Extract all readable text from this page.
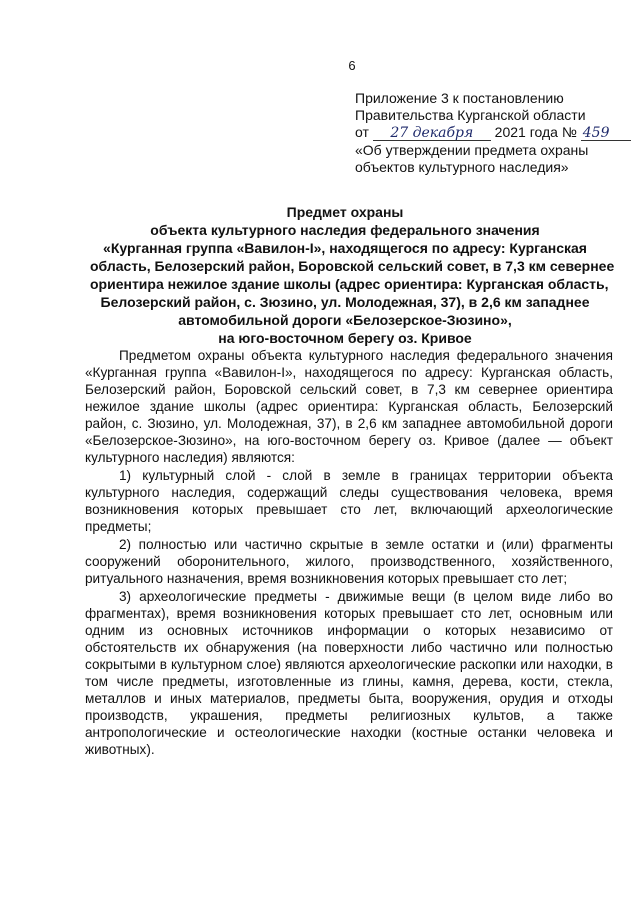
6
Приложение 3 к постановлению
Правительства Курганской области
от 27 декабря 2021 года № 459
«Об утверждении предмета охраны
объектов культурного наследия»
Предмет охраны
объекта культурного наследия федерального значения
«Курганная группа «Вавилон-I», находящегося по адресу: Курганская
область, Белозерский район, Боровской сельский совет, в 7,3 км севернее
ориентира нежилое здание школы (адрес ориентира: Курганская область,
Белозерский район, с. Зюзино, ул. Молодежная, 37), в 2,6 км западнее
автомобильной дороги «Белозерское-Зюзино»,
на юго-восточном берегу оз. Кривое

Предметом охраны объекта культурного наследия федерального значения «Курганная группа «Вавилон-I», находящегося по адресу: Курганская область, Белозерский район, Боровской сельский совет, в 7,3 км севернее ориентира нежилое здание школы (адрес ориентира: Курганская область, Белозерский район, с. Зюзино, ул. Молодежная, 37), в 2,6 км западнее автомобильной дороги «Белозерское-Зюзино», на юго-восточном берегу оз. Кривое (далее — объект культурного наследия) являются:

1) культурный слой - слой в земле в границах территории объекта культурного наследия, содержащий следы существования человека, время возникновения которых превышает сто лет, включающий археологические предметы;

2) полностью или частично скрытые в земле остатки и (или) фрагменты сооружений оборонительного, жилого, производственного, хозяйственного, ритуального назначения, время возникновения которых превышает сто лет;

3) археологические предметы - движимые вещи (в целом виде либо во фрагментах), время возникновения которых превышает сто лет, основным или одним из основных источников информации о которых независимо от обстоятельств их обнаружения (на поверхности либо частично или полностью сокрытыми в культурном слое) являются археологические раскопки или находки, в том числе предметы, изготовленные из глины, камня, дерева, кости, стекла, металлов и иных материалов, предметы быта, вооружения, орудия и отходы производств, украшения, предметы религиозных культов, а также антропологические и остеологические находки (костные останки человека и животных).
